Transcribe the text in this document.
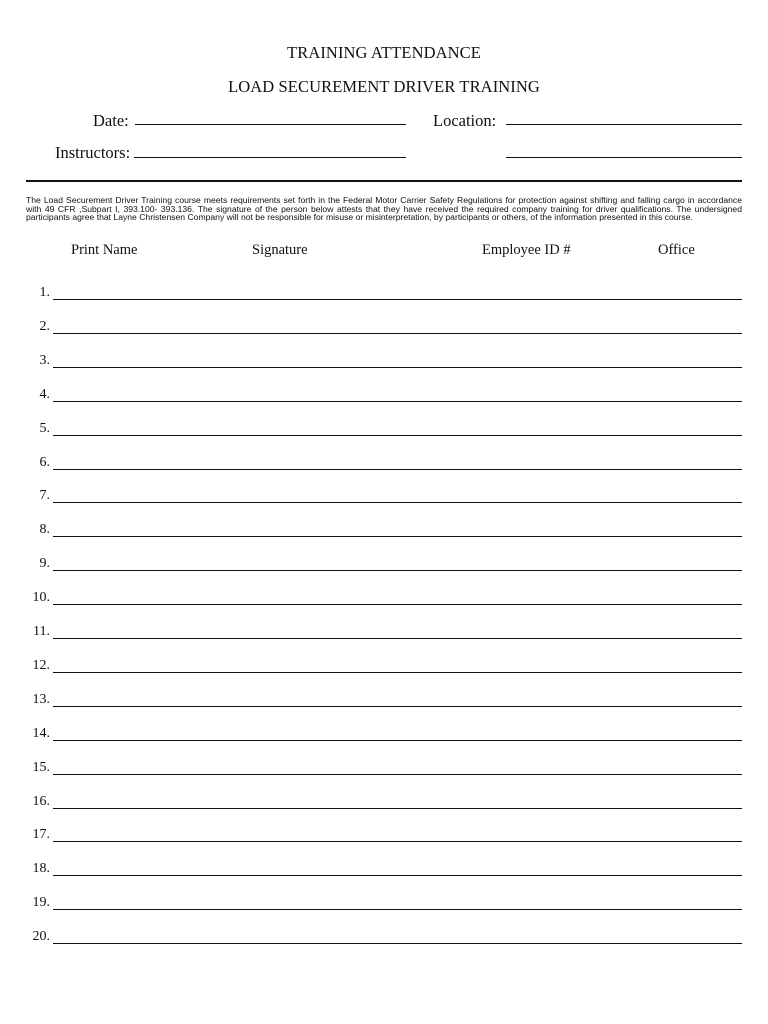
TRAINING ATTENDANCE
LOAD SECUREMENT DRIVER TRAINING
Date:	Location:
Instructors:

The Load Securement Driver Training course meets requirements set forth in the Federal Motor Carrier Safety Regulations for protection against shifting and falling cargo in accordance with 49 CFR ,Subpart I, 393.100- 393.136. The signature of the person below attests that they have received the required company training for driver qualifications. The undersigned participants agree that Layne Christensen Company will not be responsible for misuse or misinterpretation, by participants or others, of the information presented in this course.

Print Name	Signature	Employee ID #	Office
1.
2.
3.
4.
5.
6.
7.
8.
9.
10.
11.
12.
13.
14.
15.
16.
17.
18.
19.
20.
